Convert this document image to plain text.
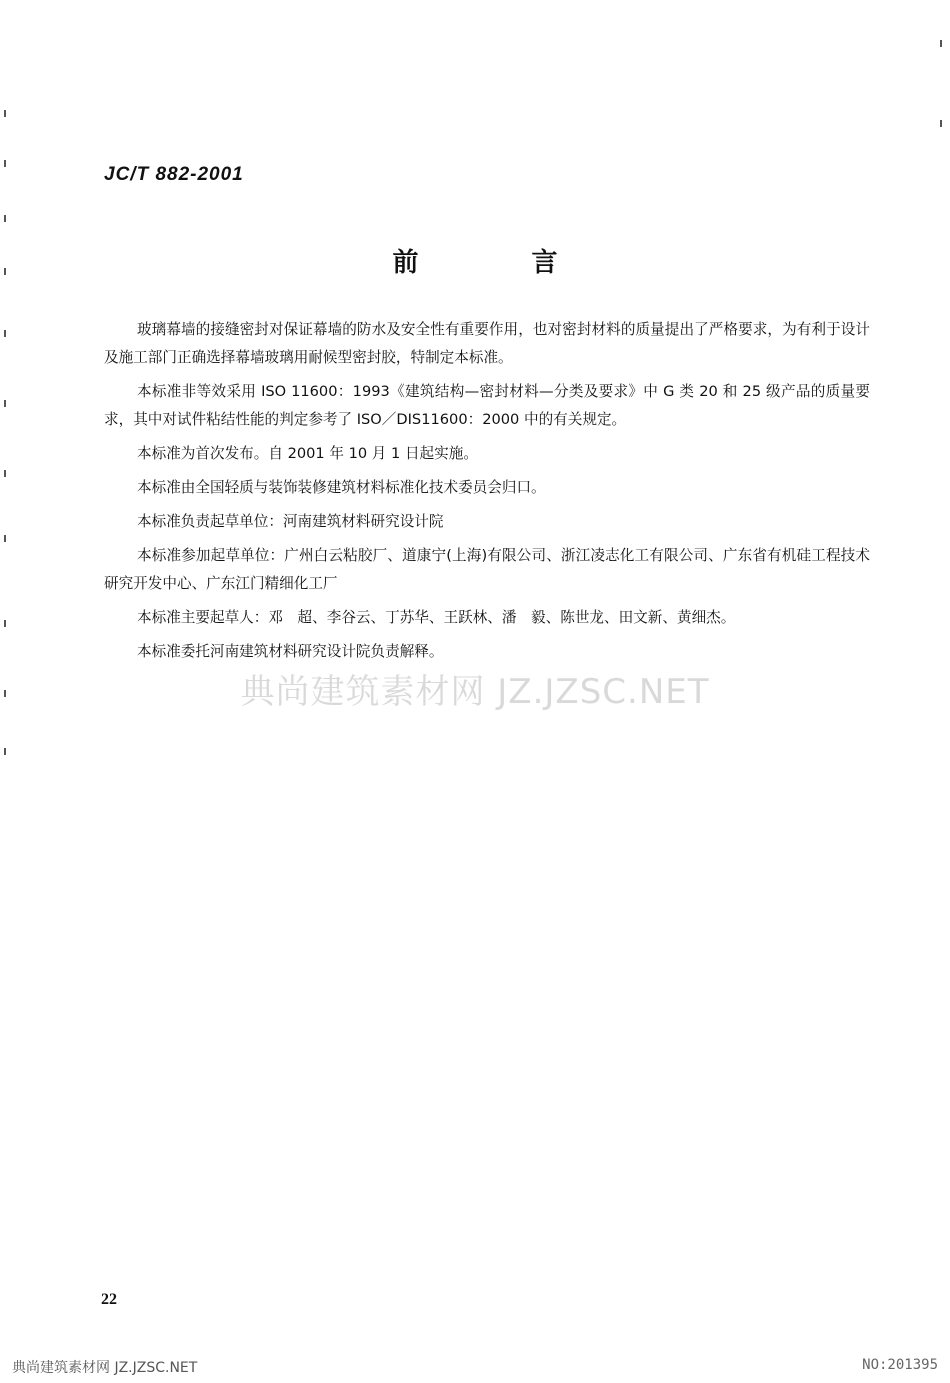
JC/T 882-2001
前 言

玻璃幕墙的接缝密封对保证幕墙的防水及安全性有重要作用，也对密封材料的质量提出了严格要求，为有利于设计及施工部门正确选择幕墙玻璃用耐候型密封胶，特制定本标准。

本标准非等效采用 ISO 11600：1993《建筑结构—密封材料—分类及要求》中 G 类 20 和 25 级产品的质量要求，其中对试件粘结性能的判定参考了 ISO／DIS11600：2000 中的有关规定。

本标准为首次发布。自 2001 年 10 月 1 日起实施。

本标准由全国轻质与装饰装修建筑材料标准化技术委员会归口。

本标准负责起草单位：河南建筑材料研究设计院

本标准参加起草单位：广州白云粘胶厂、道康宁(上海)有限公司、浙江凌志化工有限公司、广东省有机硅工程技术研究开发中心、广东江门精细化工厂

本标准主要起草人：邓　超、李谷云、丁苏华、王跃林、潘　毅、陈世龙、田文新、黄细杰。

本标准委托河南建筑材料研究设计院负责解释。

典尚建筑素材网 JZ.JZSC.NET
22
典尚建筑素材网 JZ.JZSC.NET	NO:201395
